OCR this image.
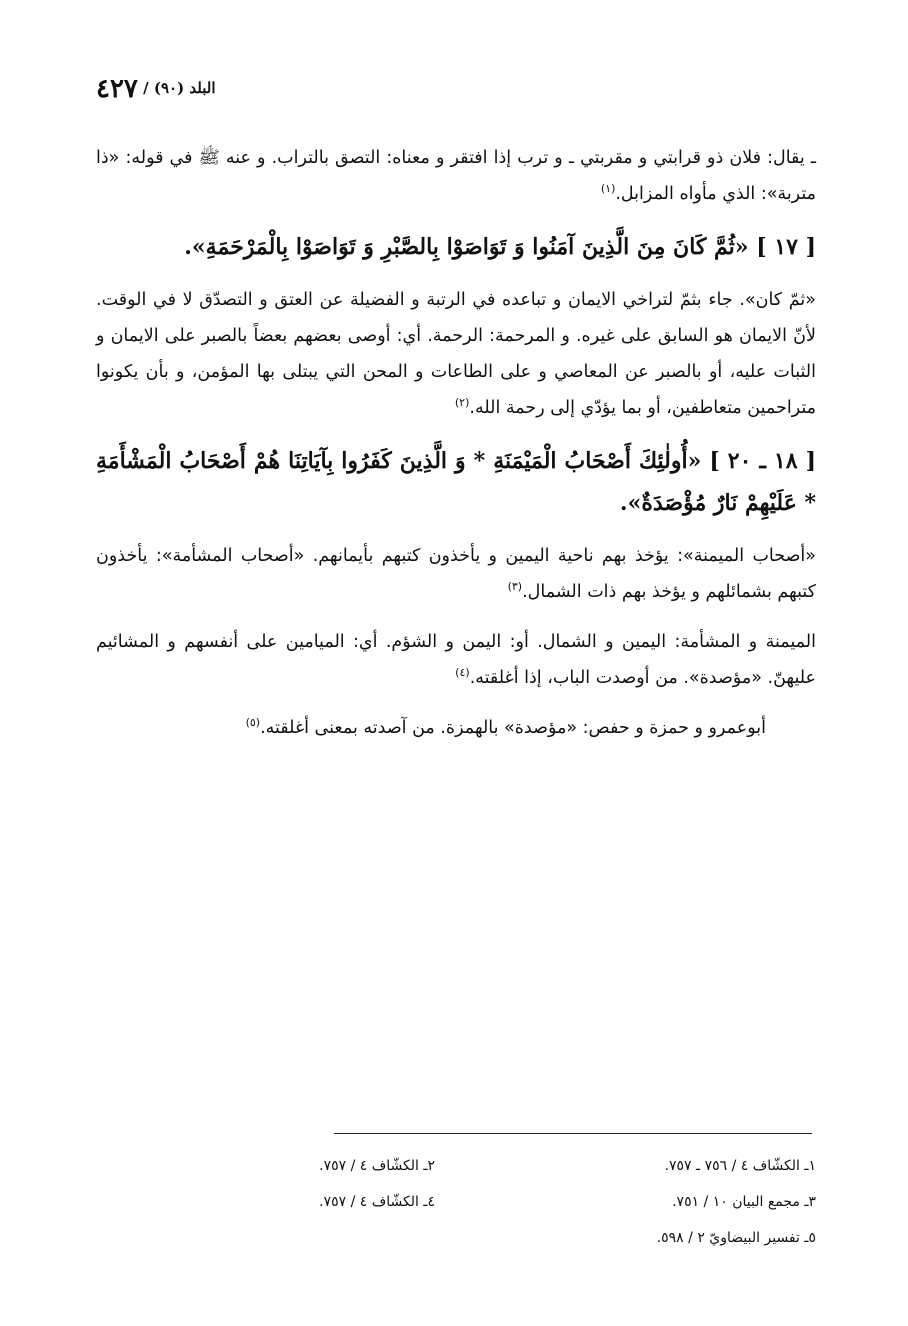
البلد (٩٠) / ٤٢٧

ـ يقال: فلان ذو قرابتي و مقربتي ـ و ترب إذا افتقر و معناه: التصق بالتراب. و عنه ﷺ في قوله: «ذا متربة»: الذي مأواه المزابل.$^{(١)}$

[ ١٧ ] «ثُمَّ كَانَ مِنَ الَّذِينَ آمَنُوا وَ تَوَاصَوْا بِالصَّبْرِ وَ تَوَاصَوْا بِالْمَرْحَمَةِ».

«ثمّ كان». جاء بثمّ لتراخي الايمان و تباعده في الرتبة و الفضيلة عن العتق و التصدّق لا في الوقت. لأنّ الايمان هو السابق على غيره. و المرحمة: الرحمة. أي: أوصى بعضهم بعضاً بالصبر على الايمان و الثبات عليه، أو بالصبر عن المعاصي و على الطاعات و المحن التي يبتلى بها المؤمن، و بأن يكونوا متراحمين متعاطفين، أو بما يؤدّي إلى رحمة الله.$^{(٢)}$

[ ١٨ ـ ٢٠ ] «أُولٰئِكَ أَصْحَابُ الْمَيْمَنَةِ * وَ الَّذِينَ كَفَرُوا بِآيَاتِنَا هُمْ أَصْحَابُ الْمَشْأَمَةِ * عَلَيْهِمْ نَارٌ مُؤْصَدَةٌ».

«أصحاب الميمنة»: يؤخذ بهم ناحية اليمين و يأخذون كتبهم بأيمانهم. «أصحاب المشأمة»: يأخذون كتبهم بشمائلهم و يؤخذ بهم ذات الشمال.$^{(٣)}$

الميمنة و المشأمة: اليمين و الشمال. أو: اليمن و الشؤم. أي: الميامين على أنفسهم و المشائيم عليهنّ. «مؤصدة». من أوصدت الباب، إذا أغلقته.$^{(٤)}$

أبوعمرو و حمزة و حفص: «مؤصدة» بالهمزة. من آصدته بمعنى أغلقته.$^{(٥)}$

١ـ الكشّاف ٤ / ٧٥٦ ـ ٧٥٧.
٢ـ الكشّاف ٤ / ٧٥٧.
٣ـ مجمع البيان ١٠ / ٧٥١.
٤ـ الكشّاف ٤ / ٧٥٧.
٥ـ تفسير البيضاويّ ٢ / ٥٩٨.
